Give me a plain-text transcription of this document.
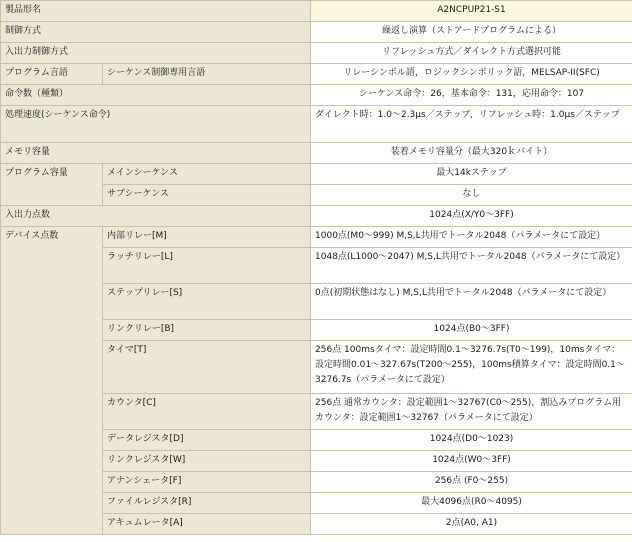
製品形名		A2NCPUP21-S1
制御方式		繰返し演算（ストアードプログラムによる）
入出力制御方式		リフレッシュ方式／ダイレクト方式選択可能
プログラム言語	シーケンス制御専用言語	リレーシンボル語，ロジックシンボリック語，MELSAP-II(SFC)
命令数（種類）		シーケンス命令：26，基本命令：131，応用命令：107
処理速度(シーケンス命令)		ダイレクト時：1.0〜2.3μs／ステップ，リフレッシュ時：1.0μs／ステップ
メモリ容量		装着メモリ容量分（最大320ｋバイト）
プログラム容量	メインシーケンス	最大14kステップ
	サブシーケンス	なし
入出力点数		1024点(X/Y0〜3FF)
デバイス点数	内部リレー[M]	1000点(M0〜999) M,S,L共用でトータル2048（パラメータにて設定）
	ラッチリレー[L]	1048点(L1000〜2047) M,S,L共用でトータル2048（パラメータにて設定）
	ステップリレー[S]	0点(初期状態はなし) M,S,L共用でトータル2048（パラメータにて設定）
	リンクリレー[B]	1024点(B0〜3FF)
	タイマ[T]	256点 100msタイマ：設定時間0.1〜3276.7s(T0〜199)，10msタイマ：設定時間0.01〜327.67s(T200〜255)，100ms積算タイマ：設定時間0.1〜3276.7s（パラメータにて設定）
	カウンタ[C]	256点 通常カウンタ：設定範囲1〜32767(C0〜255)，割込みプログラム用カウンタ：設定範囲1〜32767（パラメータにて設定）
	データレジスタ[D]	1024点(D0〜1023)
	リンクレジスタ[W]	1024点(W0〜3FF)
	アナンシェータ[F]	256点 (F0〜255)
	ファイルレジスタ[R]	最大4096点(R0〜4095)
	アキュムレータ[A]	2点(A0, A1)
